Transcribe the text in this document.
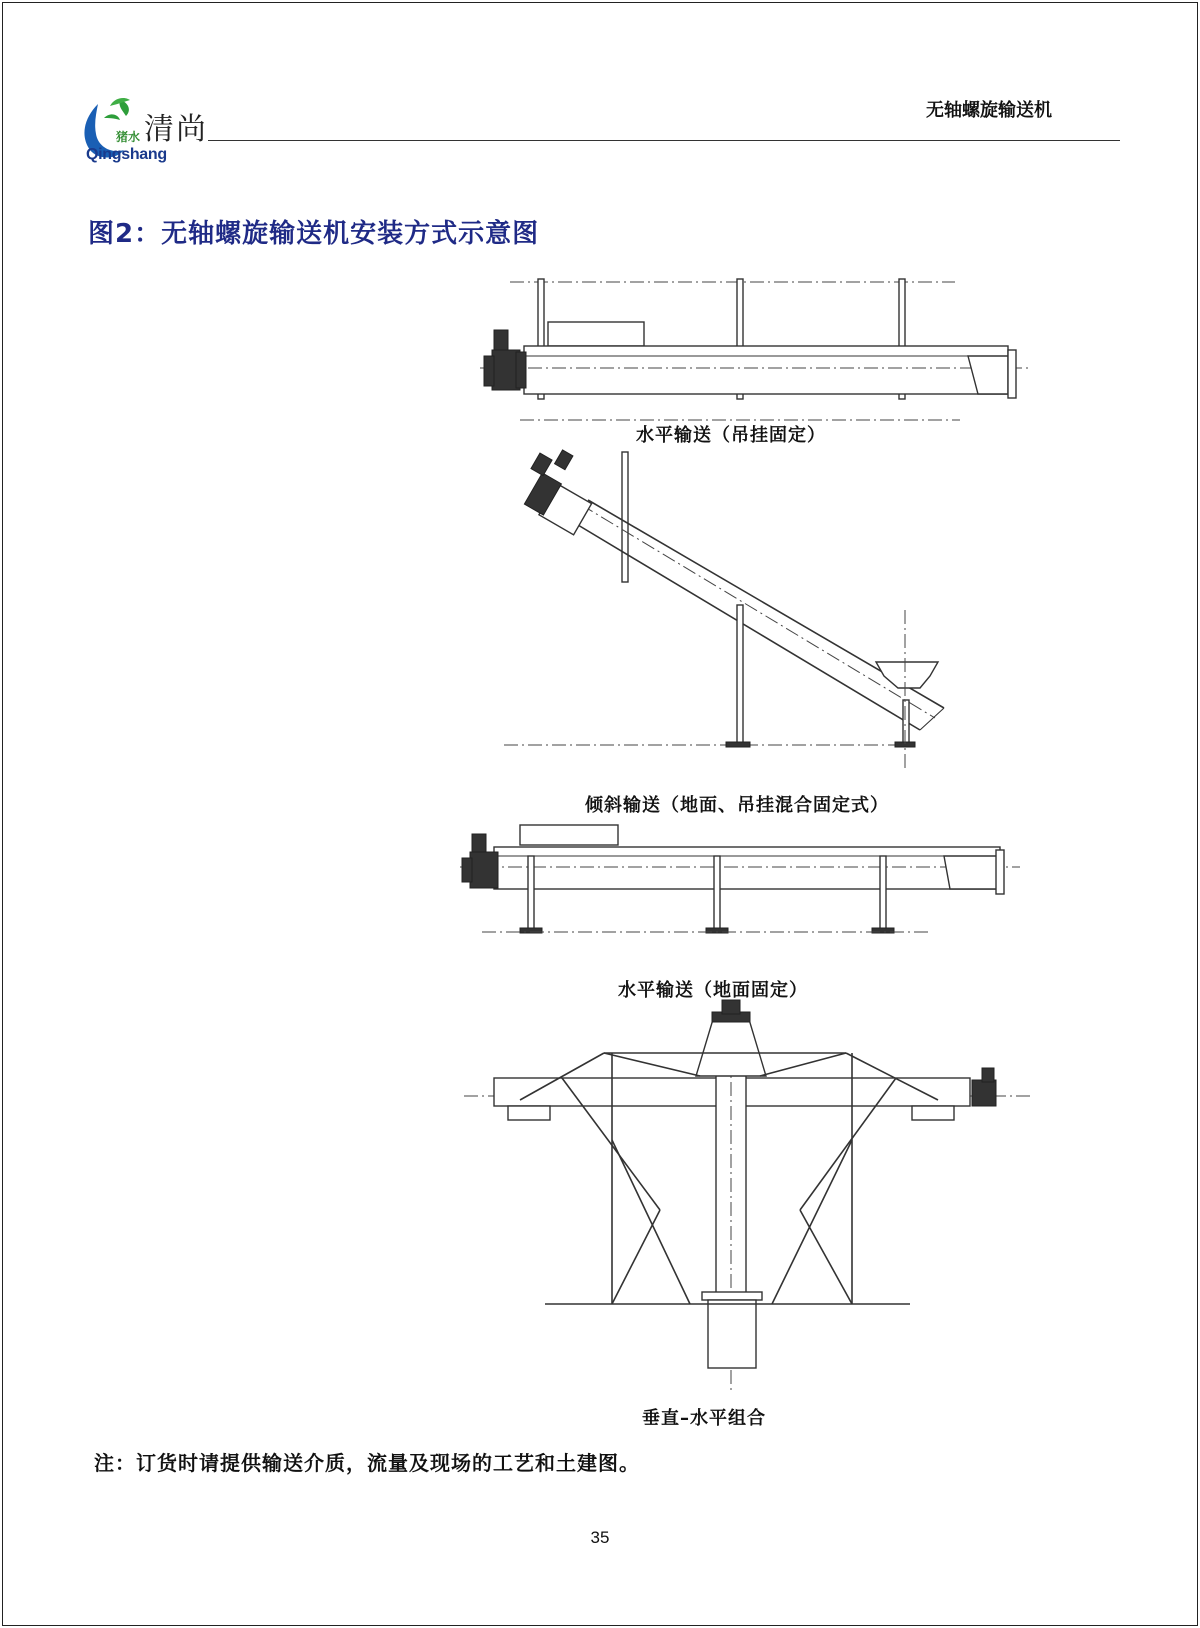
清尚
猪水
Qingshang
无轴螺旋输送机
图2：无轴螺旋输送机安装方式示意图
水平输送（吊挂固定）
倾斜输送（地面、吊挂混合固定式）
水平输送（地面固定）
垂直–水平组合
注：订货时请提供输送介质，流量及现场的工艺和土建图。
35
